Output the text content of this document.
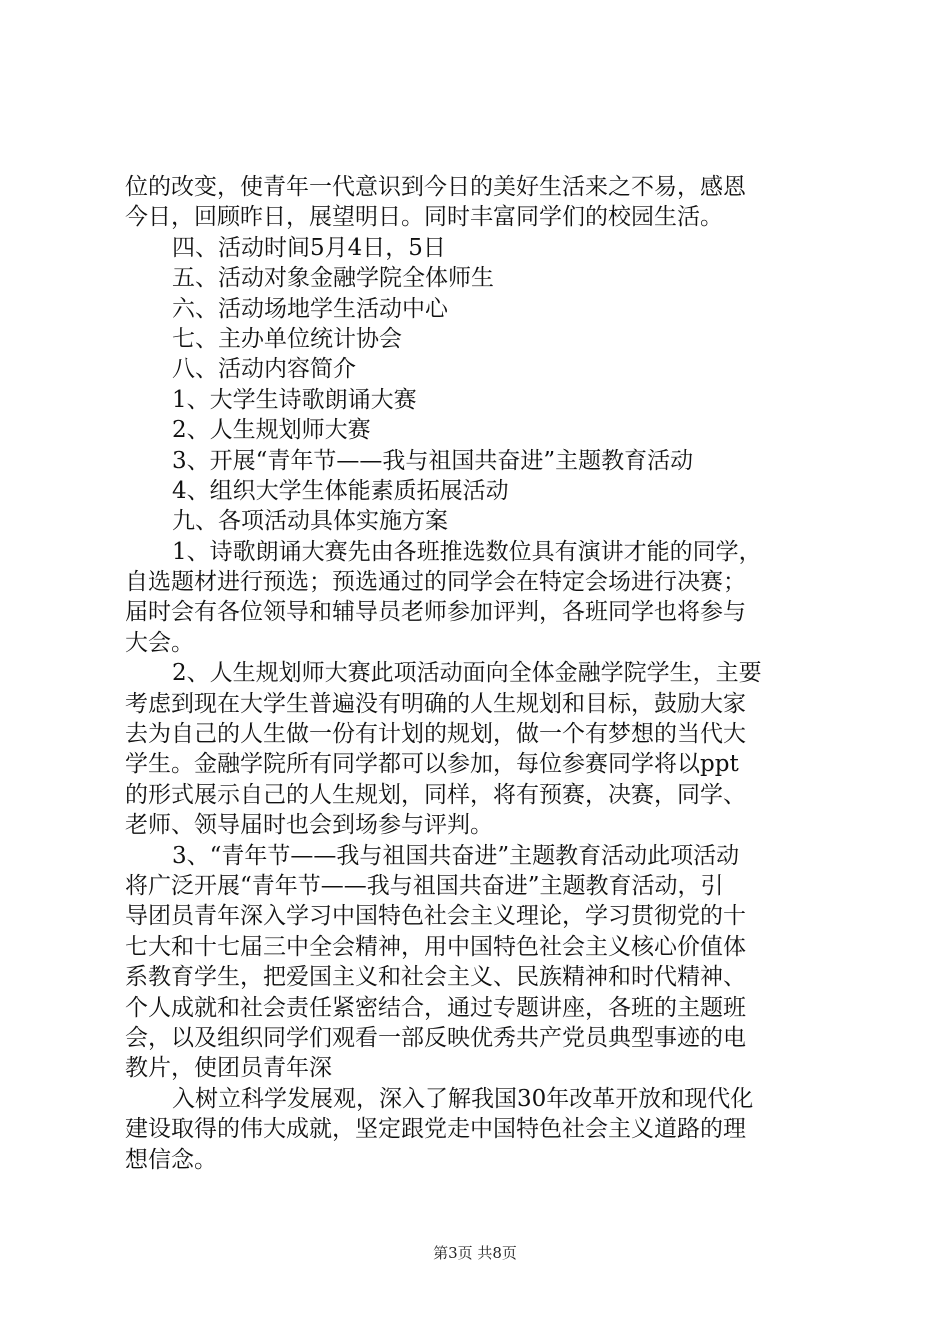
位的改变，使青年一代意识到今日的美好生活来之不易，感恩
今日，回顾昨日，展望明日。同时丰富同学们的校园生活。
四、活动时间5月4日，5日
五、活动对象金融学院全体师生
六、活动场地学生活动中心
七、主办单位统计协会
八、活动内容简介
1、大学生诗歌朗诵大赛
2、人生规划师大赛
3、开展“青年节——我与祖国共奋进”主题教育活动
4、组织大学生体能素质拓展活动
九、各项活动具体实施方案
1、诗歌朗诵大赛先由各班推选数位具有演讲才能的同学，
自选题材进行预选；预选通过的同学会在特定会场进行决赛；
届时会有各位领导和辅导员老师参加评判，各班同学也将参与
大会。
2、人生规划师大赛此项活动面向全体金融学院学生，主要
考虑到现在大学生普遍没有明确的人生规划和目标，鼓励大家
去为自己的人生做一份有计划的规划，做一个有梦想的当代大
学生。金融学院所有同学都可以参加，每位参赛同学将以ppt
的形式展示自己的人生规划，同样，将有预赛，决赛，同学、
老师、领导届时也会到场参与评判。
3、“青年节——我与祖国共奋进”主题教育活动此项活动
将广泛开展“青年节——我与祖国共奋进”主题教育活动，引
导团员青年深入学习中国特色社会主义理论，学习贯彻党的十
七大和十七届三中全会精神，用中国特色社会主义核心价值体
系教育学生，把爱国主义和社会主义、民族精神和时代精神、
个人成就和社会责任紧密结合，通过专题讲座，各班的主题班
会，以及组织同学们观看一部反映优秀共产党员典型事迹的电
教片，使团员青年深
入树立科学发展观，深入了解我国30年改革开放和现代化
建设取得的伟大成就，坚定跟党走中国特色社会主义道路的理
想信念。
第3页 共8页
